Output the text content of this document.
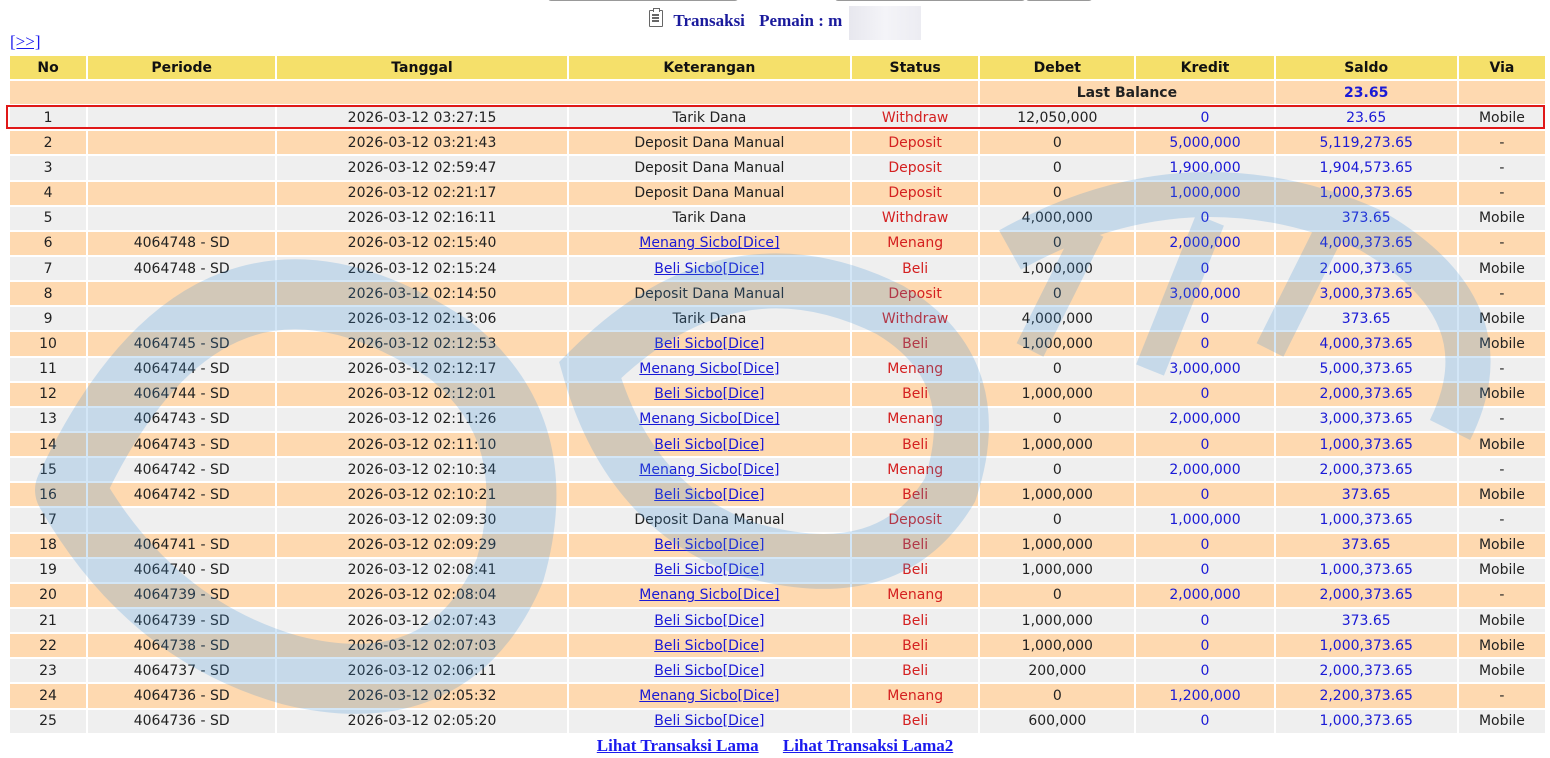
Transaksi Pemain : m
[>>]
No	Periode	Tanggal	Keterangan	Status	Debet	Kredit	Saldo	Via
					Last Balance		23.65	
1		2026-03-12 03:27:15	Tarik Dana	Withdraw	12,050,000	0	23.65	Mobile
2		2026-03-12 03:21:43	Deposit Dana Manual	Deposit	0	5,000,000	5,119,273.65	-
3		2026-03-12 02:59:47	Deposit Dana Manual	Deposit	0	1,900,000	1,904,573.65	-
4		2026-03-12 02:21:17	Deposit Dana Manual	Deposit	0	1,000,000	1,000,373.65	-
5		2026-03-12 02:16:11	Tarik Dana	Withdraw	4,000,000	0	373.65	Mobile
6	4064748 - SD	2026-03-12 02:15:40	Menang Sicbo[Dice]	Menang	0	2,000,000	4,000,373.65	-
7	4064748 - SD	2026-03-12 02:15:24	Beli Sicbo[Dice]	Beli	1,000,000	0	2,000,373.65	Mobile
8		2026-03-12 02:14:50	Deposit Dana Manual	Deposit	0	3,000,000	3,000,373.65	-
9		2026-03-12 02:13:06	Tarik Dana	Withdraw	4,000,000	0	373.65	Mobile
10	4064745 - SD	2026-03-12 02:12:53	Beli Sicbo[Dice]	Beli	1,000,000	0	4,000,373.65	Mobile
11	4064744 - SD	2026-03-12 02:12:17	Menang Sicbo[Dice]	Menang	0	3,000,000	5,000,373.65	-
12	4064744 - SD	2026-03-12 02:12:01	Beli Sicbo[Dice]	Beli	1,000,000	0	2,000,373.65	Mobile
13	4064743 - SD	2026-03-12 02:11:26	Menang Sicbo[Dice]	Menang	0	2,000,000	3,000,373.65	-
14	4064743 - SD	2026-03-12 02:11:10	Beli Sicbo[Dice]	Beli	1,000,000	0	1,000,373.65	Mobile
15	4064742 - SD	2026-03-12 02:10:34	Menang Sicbo[Dice]	Menang	0	2,000,000	2,000,373.65	-
16	4064742 - SD	2026-03-12 02:10:21	Beli Sicbo[Dice]	Beli	1,000,000	0	373.65	Mobile
17		2026-03-12 02:09:30	Deposit Dana Manual	Deposit	0	1,000,000	1,000,373.65	-
18	4064741 - SD	2026-03-12 02:09:29	Beli Sicbo[Dice]	Beli	1,000,000	0	373.65	Mobile
19	4064740 - SD	2026-03-12 02:08:41	Beli Sicbo[Dice]	Beli	1,000,000	0	1,000,373.65	Mobile
20	4064739 - SD	2026-03-12 02:08:04	Menang Sicbo[Dice]	Menang	0	2,000,000	2,000,373.65	-
21	4064739 - SD	2026-03-12 02:07:43	Beli Sicbo[Dice]	Beli	1,000,000	0	373.65	Mobile
22	4064738 - SD	2026-03-12 02:07:03	Beli Sicbo[Dice]	Beli	1,000,000	0	1,000,373.65	Mobile
23	4064737 - SD	2026-03-12 02:06:11	Beli Sicbo[Dice]	Beli	200,000	0	2,000,373.65	Mobile
24	4064736 - SD	2026-03-12 02:05:32	Menang Sicbo[Dice]	Menang	0	1,200,000	2,200,373.65	-
25	4064736 - SD	2026-03-12 02:05:20	Beli Sicbo[Dice]	Beli	600,000	0	1,000,373.65	Mobile
Lihat Transaksi Lama Lihat Transaksi Lama2
